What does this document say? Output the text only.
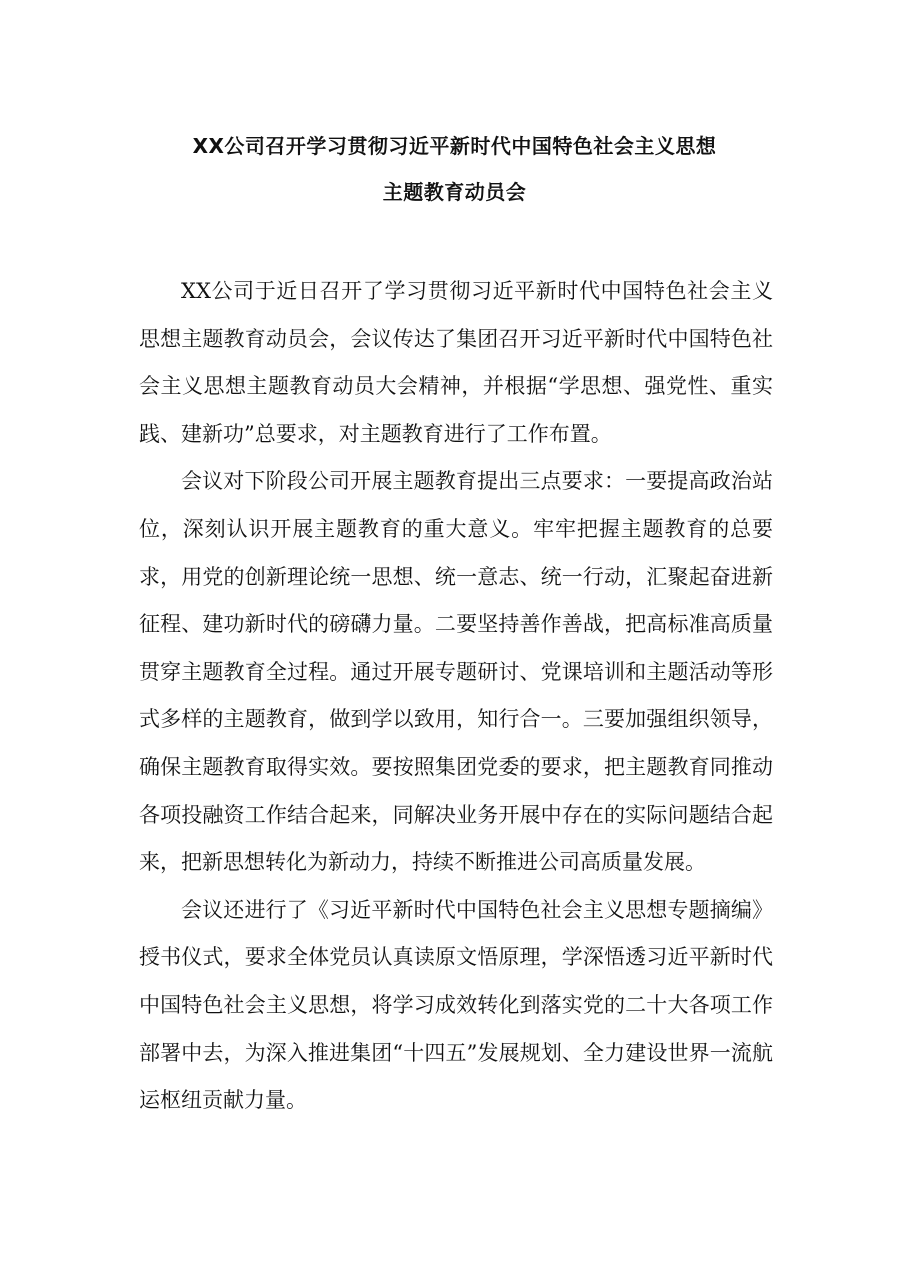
XX公司召开学习贯彻习近平新时代中国特色社会主义思想
主题教育动员会

XX公司于近日召开了学习贯彻习近平新时代中国特色社会主义思想主题教育动员会，会议传达了集团召开习近平新时代中国特色社会主义思想主题教育动员大会精神，并根据“学思想、强党性、重实践、建新功”总要求，对主题教育进行了工作布置。

会议对下阶段公司开展主题教育提出三点要求：一要提高政治站位，深刻认识开展主题教育的重大意义。牢牢把握主题教育的总要求，用党的创新理论统一思想、统一意志、统一行动，汇聚起奋进新征程、建功新时代的磅礴力量。二要坚持善作善战，把高标准高质量贯穿主题教育全过程。通过开展专题研讨、党课培训和主题活动等形式多样的主题教育，做到学以致用，知行合一。三要加强组织领导，确保主题教育取得实效。要按照集团党委的要求，把主题教育同推动各项投融资工作结合起来，同解决业务开展中存在的实际问题结合起来，把新思想转化为新动力，持续不断推进公司高质量发展。

会议还进行了《习近平新时代中国特色社会主义思想专题摘编》授书仪式，要求全体党员认真读原文悟原理，学深悟透习近平新时代中国特色社会主义思想，将学习成效转化到落实党的二十大各项工作部署中去，为深入推进集团“十四五”发展规划、全力建设世界一流航运枢纽贡献力量。
